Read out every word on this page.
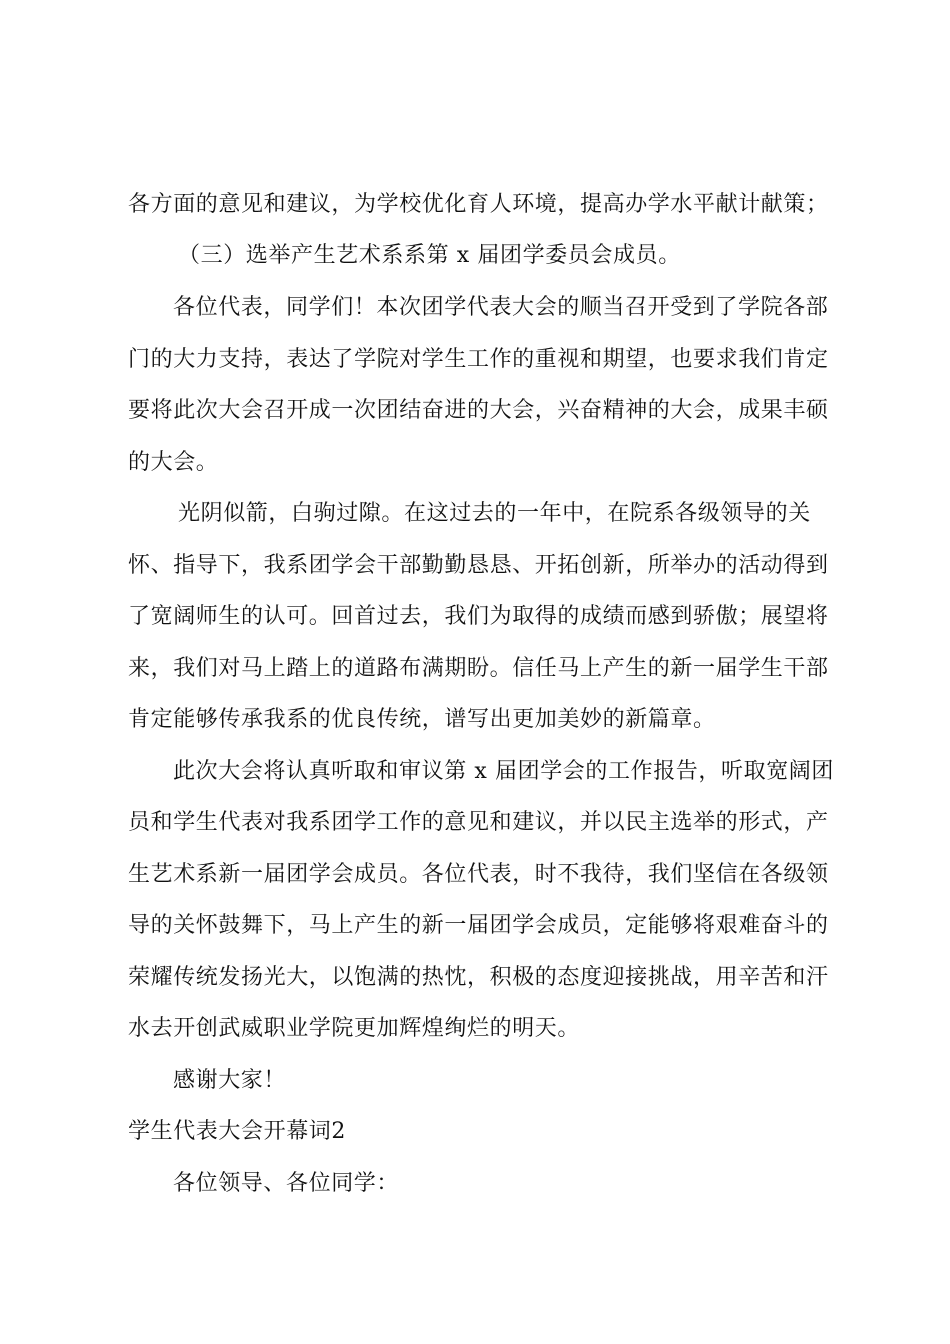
各方面的意见和建议，为学校优化育人环境，提高办学水平献计献策；
（三）选举产生艺术系系第 x 届团学委员会成员。
各位代表，同学们！本次团学代表大会的顺当召开受到了学院各部
门的大力支持，表达了学院对学生工作的重视和期望，也要求我们肯定
要将此次大会召开成一次团结奋进的大会，兴奋精神的大会，成果丰硕
的大会。
光阴似箭，白驹过隙。在这过去的一年中，在院系各级领导的关
怀、指导下，我系团学会干部勤勤恳恳、开拓创新，所举办的活动得到
了宽阔师生的认可。回首过去，我们为取得的成绩而感到骄傲；展望将
来，我们对马上踏上的道路布满期盼。信任马上产生的新一届学生干部
肯定能够传承我系的优良传统，谱写出更加美妙的新篇章。
此次大会将认真听取和审议第 x 届团学会的工作报告，听取宽阔团
员和学生代表对我系团学工作的意见和建议，并以民主选举的形式，产
生艺术系新一届团学会成员。各位代表，时不我待，我们坚信在各级领
导的关怀鼓舞下，马上产生的新一届团学会成员，定能够将艰难奋斗的
荣耀传统发扬光大，以饱满的热忱，积极的态度迎接挑战，用辛苦和汗
水去开创武威职业学院更加辉煌绚烂的明天。
感谢大家！
学生代表大会开幕词2
各位领导、各位同学：
